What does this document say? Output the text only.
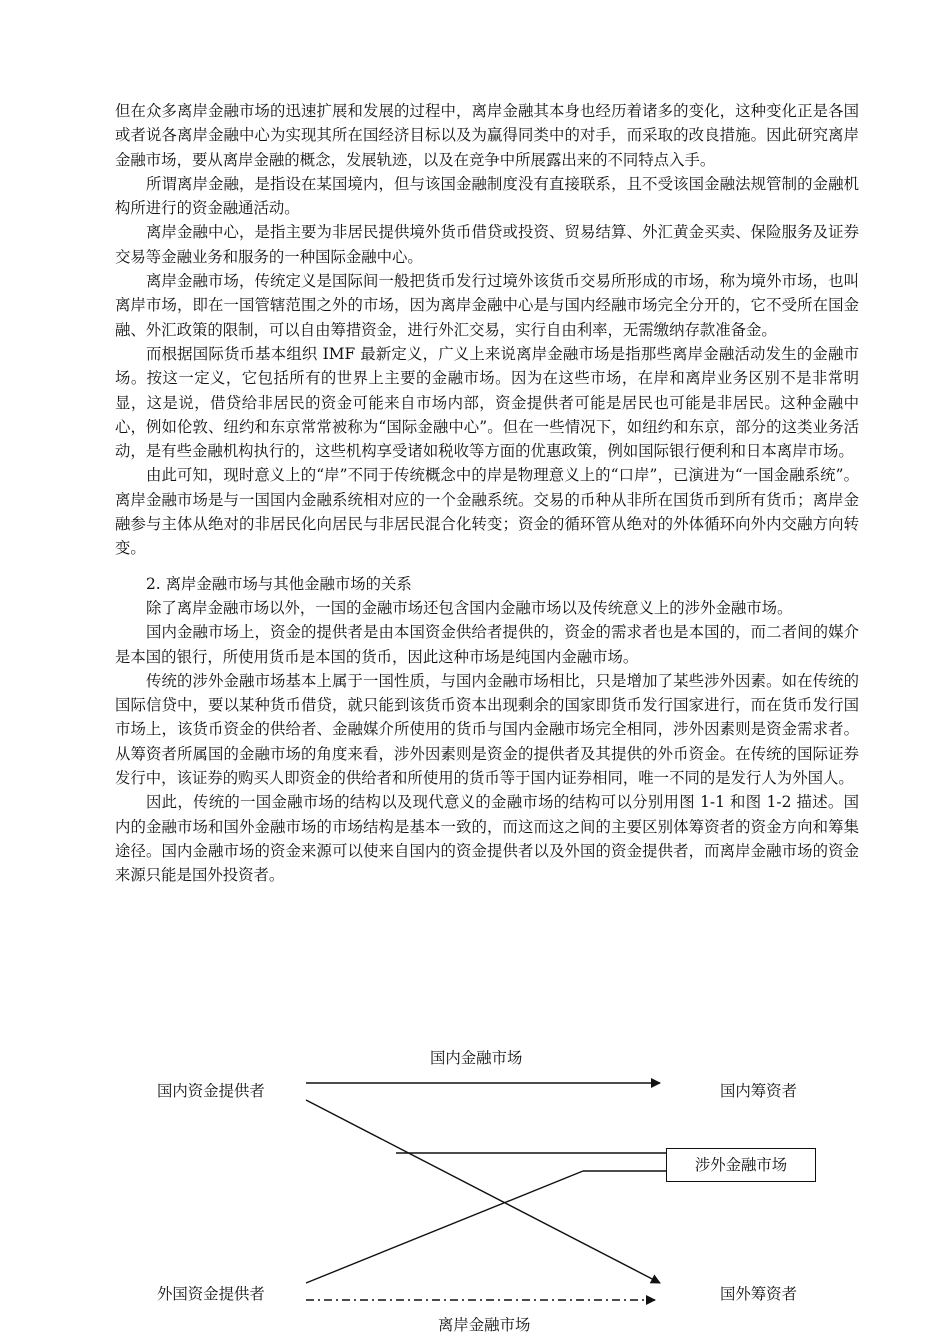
但在众多离岸金融市场的迅速扩展和发展的过程中，离岸金融其本身也经历着诸多的变化，这种变化正是各国或者说各离岸金融中心为实现其所在国经济目标以及为赢得同类中的对手，而采取的改良措施。因此研究离岸金融市场，要从离岸金融的概念，发展轨迹，以及在竞争中所展露出来的不同特点入手。

所谓离岸金融，是指设在某国境内，但与该国金融制度没有直接联系，且不受该国金融法规管制的金融机构所进行的资金融通活动。

离岸金融中心，是指主要为非居民提供境外货币借贷或投资、贸易结算、外汇黄金买卖、保险服务及证券交易等金融业务和服务的一种国际金融中心。

离岸金融市场，传统定义是国际间一般把货币发行过境外该货币交易所形成的市场，称为境外市场，也叫离岸市场，即在一国管辖范围之外的市场，因为离岸金融中心是与国内经融市场完全分开的，它不受所在国金融、外汇政策的限制，可以自由筹措资金，进行外汇交易，实行自由利率，无需缴纳存款准备金。

而根据国际货币基本组织 IMF 最新定义，广义上来说离岸金融市场是指那些离岸金融活动发生的金融市场。按这一定义，它包括所有的世界上主要的金融市场。因为在这些市场，在岸和离岸业务区别不是非常明显，这是说，借贷给非居民的资金可能来自市场内部，资金提供者可能是居民也可能是非居民。这种金融中心，例如伦敦、纽约和东京常常被称为“国际金融中心”。但在一些情况下，如纽约和东京，部分的这类业务活动，是有些金融机构执行的，这些机构享受诸如税收等方面的优惠政策，例如国际银行便利和日本离岸市场。

由此可知，现时意义上的“岸”不同于传统概念中的岸是物理意义上的“口岸”，已演进为“一国金融系统”。离岸金融市场是与一国国内金融系统相对应的一个金融系统。交易的币种从非所在国货币到所有货币；离岸金融参与主体从绝对的非居民化向居民与非居民混合化转变；资金的循环管从绝对的外体循环向外内交融方向转变。

2. 离岸金融市场与其他金融市场的关系

除了离岸金融市场以外，一国的金融市场还包含国内金融市场以及传统意义上的涉外金融市场。

国内金融市场上，资金的提供者是由本国资金供给者提供的，资金的需求者也是本国的，而二者间的媒介是本国的银行，所使用货币是本国的货币，因此这种市场是纯国内金融市场。

传统的涉外金融市场基本上属于一国性质，与国内金融市场相比，只是增加了某些涉外因素。如在传统的国际信贷中，要以某种货币借贷，就只能到该货币资本出现剩余的国家即货币发行国家进行，而在货币发行国市场上，该货币资金的供给者、金融媒介所使用的货币与国内金融市场完全相同，涉外因素则是资金需求者。从筹资者所属国的金融市场的角度来看，涉外因素则是资金的提供者及其提供的外币资金。在传统的国际证券发行中，该证券的购买人即资金的供给者和所使用的货币等于国内证券相同，唯一不同的是发行人为外国人。

因此，传统的一国金融市场的结构以及现代意义的金融市场的结构可以分别用图 1-1 和图 1-2 描述。国内的金融市场和国外金融市场的市场结构是基本一致的，而这而这之间的主要区别体筹资者的资金方向和筹集途径。国内金融市场的资金来源可以使来自国内的资金提供者以及外国的资金提供者，而离岸金融市场的资金来源只能是国外投资者。

国内金融市场
国内资金提供者	国内筹资者
涉外金融市场
外国资金提供者	国外筹资者
离岸金融市场
